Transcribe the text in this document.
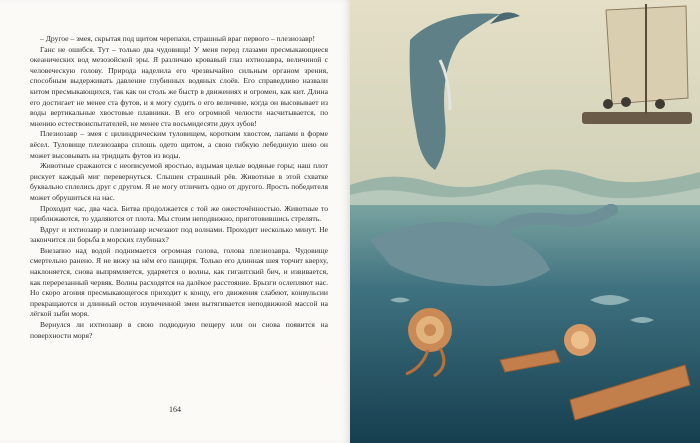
– Другое – змея, скрытая под щитом черепахи, страшный враг первого – плезиозавр!

Ганс не ошибся. Тут – только два чудовища! У меня перед глазами пресмыкающиеся океанических вод мезозойской эры. Я различаю кровавый глаз ихтиозавра, величиной с человеческую голову. Природа наделила его чрезвычайно сильным органом зрения, способным выдерживать давление глубинных водяных слоёв. Его справедливо назвали китом пресмыкающихся, так как он столь же быстр в движениях и огромен, как кит. Длина его достигает не менее ста футов, и я могу судить о его величине, когда он высовывает из воды вертикальные хвостовые плавники. В его огромной челюсти насчитывается, по мнению естествоиспытателей, не менее ста восьмидесяти двух зубов!

Плезиозавр – змея с цилиндрическим туловищем, коротким хвостом, лапами в форме вёсел. Туловище плезиозавра сплошь одето щитом, а свою гибкую лебединую шею он может высовывать на тридцать футов из воды.

Животные сражаются с неописуемой яростью, вздымая целые водяные горы; наш плот рискует каждый миг перевернуться. Слышен страшный рёв. Животные в этой схватке буквально сплелись друг с другом. Я не могу отличить одно от другого. Ярость победителя может обрушиться на нас.

Проходит час, два часа. Битва продолжается с той же ожесточённостью. Животные то приближаются, то удаляются от плота. Мы стоим неподвижно, приготовившись стрелять.

Вдруг и ихтиозавр и плезиозавр исчезают под волнами. Проходит несколько минут. Не закончится ли борьба в морских глубинах?

Внезапно над водой поднимается огромная голова, голова плезиозавра. Чудовище смертельно ранено. Я не вижу на нём его панциря. Только его длинная шея торчит кверху, наклоняется, снова выпрямляется, ударяется о волны, как гигантский бич, и извивается, как перерезанный червяк. Волны расходятся на далёкое расстояние. Брызги ослепляют нас. Но скоро агония пресмыкающегося приходит к концу, его движения слабеют, конвульсии прекращаются и длинный остов изувеченной змеи вытягивается неподвижной массой на лёгкой зыби моря.

Вернулся ли ихтиозавр в свою подводную пещеру или он снова появится на поверхности моря?

164
